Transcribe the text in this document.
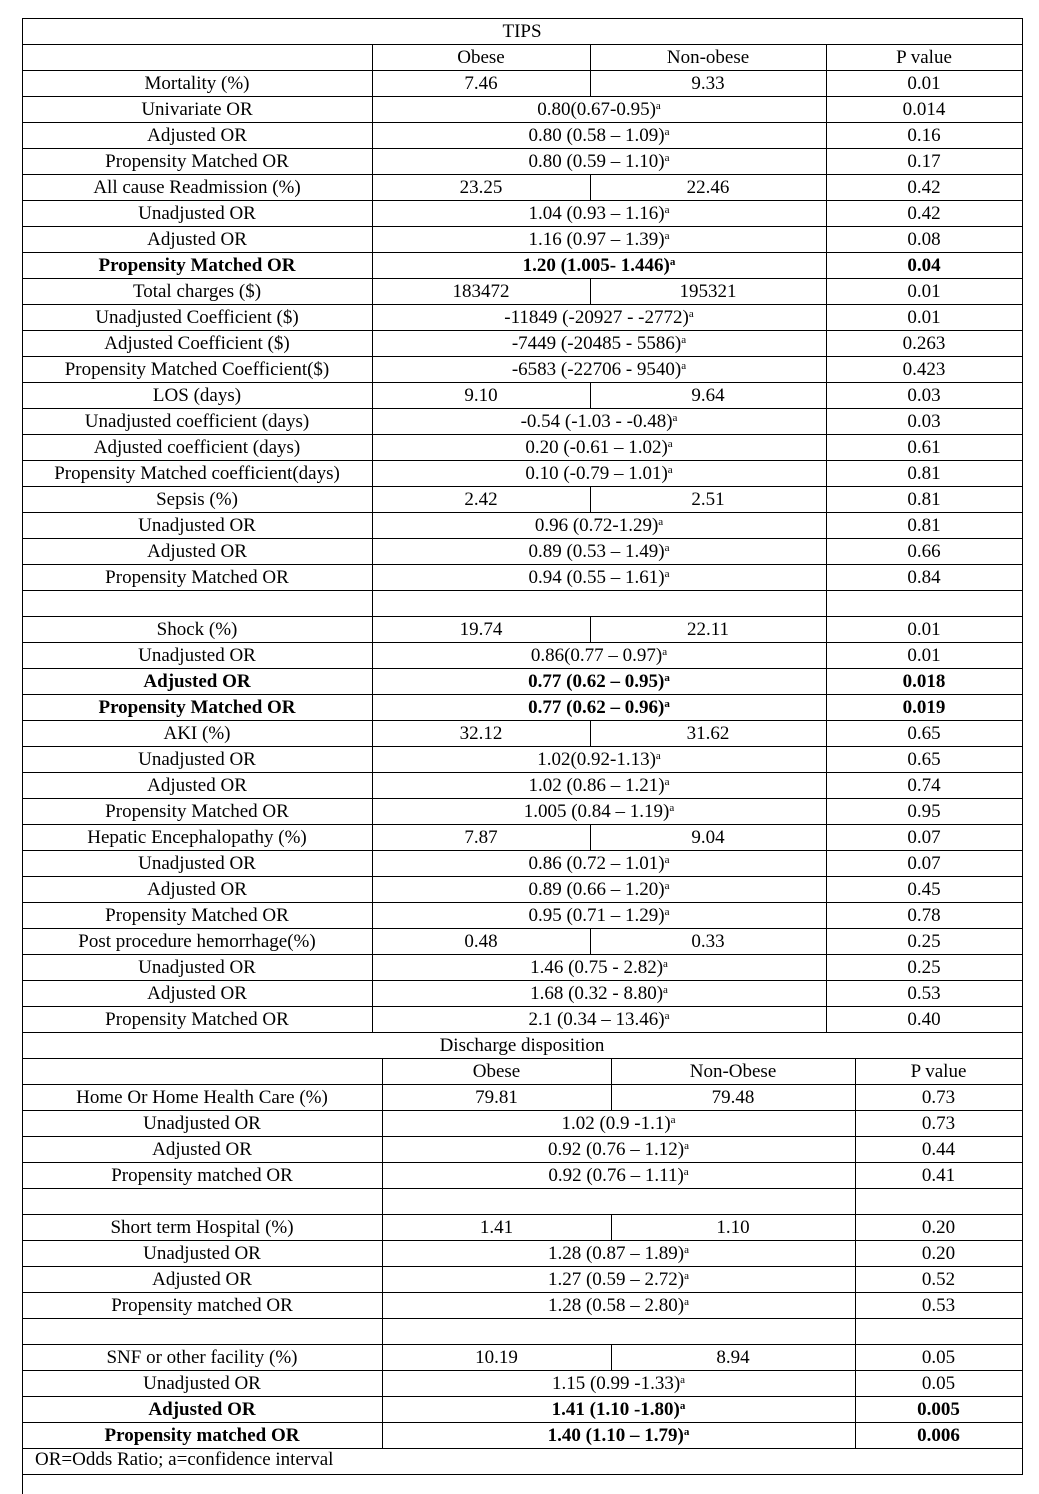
TIPS
Obese	Non-obese	P value
Mortality (%)	7.46	9.33	0.01
Univariate OR	$0.80(0.67-0.95)^a$	0.014
Adjusted OR	0.80 (0.58 – 1.09)$^a$	0.16
Propensity Matched OR	0.80 (0.59 – 1.10)$^a$	0.17
All cause Readmission (%)	23.25	22.46	0.42
Unadjusted OR	1.04 (0.93 – 1.16)$^a$	0.42
Adjusted OR	1.16 (0.97 – 1.39)$^a$	0.08
Propensity Matched OR	1.20 (1.005- 1.446)$^a$	0.04
Total charges ($)	183472	195321	0.01
Unadjusted Coefficient ($)	-11849 (-20927 - -2772)$^a$	0.01
Adjusted Coefficient ($)	-7449 (-20485 - 5586)$^a$	0.263
Propensity Matched Coefficient($)	-6583 (-22706 - 9540)$^a$	0.423
LOS (days)	9.10	9.64	0.03
Unadjusted coefficient (days)	-0.54 (-1.03 - -0.48)$^a$	0.03
Adjusted coefficient (days)	0.20 (-0.61 – 1.02)$^a$	0.61
Propensity Matched coefficient(days)	0.10 (-0.79 – 1.01)$^a$	0.81
Sepsis (%)	2.42	2.51	0.81
Unadjusted OR	0.96 $(0.72-1.29)^a$	0.81
Adjusted OR	0.89 (0.53 – 1.49)$^a$	0.66
Propensity Matched OR	0.94 (0.55 – 1.61)$^a$	0.84
Shock (%)	19.74	22.11	0.01
Unadjusted OR	0.86(0.77 – 0.97)$^a$	0.01
Adjusted OR	0.77 (0.62 – 0.95)$^a$	0.018
Propensity Matched OR	0.77 (0.62 – 0.96)$^a$	0.019
AKI (%)	32.12	31.62	0.65
Unadjusted OR	$1.02(0.92-1.13)^a$	0.65
Adjusted OR	1.02 (0.86 – 1.21)$^a$	0.74
Propensity Matched OR	1.005 (0.84 – 1.19)$^a$	0.95
Hepatic Encephalopathy (%)	7.87	9.04	0.07
Unadjusted OR	0.86 (0.72 – 1.01)$^a$	0.07
Adjusted OR	0.89 (0.66 – 1.20)$^a$	0.45
Propensity Matched OR	0.95 (0.71 – 1.29)$^a$	0.78
Post procedure hemorrhage(%)	0.48	0.33	0.25
Unadjusted OR	1.46 (0.75 - 2.82)$^a$	0.25
Adjusted OR	1.68 (0.32 - 8.80)$^a$	0.53
Propensity Matched OR	2.1 (0.34 – 13.46)$^a$	0.40
Discharge disposition
Obese	Non-Obese	P value
Home Or Home Health Care (%)	79.81	79.48	0.73
Unadjusted OR	1.02 (0.9 -1.1)$^a$	0.73
Adjusted OR	0.92 (0.76 – 1.12)$^a$	0.44
Propensity matched OR	0.92 (0.76 – 1.11)$^a$	0.41
Short term Hospital (%)	1.41	1.10	0.20
Unadjusted OR	1.28 (0.87 – 1.89)$^a$	0.20
Adjusted OR	1.27 (0.59 – 2.72)$^a$	0.52
Propensity matched OR	1.28 (0.58 – 2.80)$^a$	0.53
SNF or other facility (%)	10.19	8.94	0.05
Unadjusted OR	1.15 (0.99 -1.33)$^a$	0.05
Adjusted OR	1.41 (1.10 -1.80)$^a$	0.005
Propensity matched OR	1.40 (1.10 – 1.79)$^a$	0.006
OR=Odds Ratio; a=confidence interval
